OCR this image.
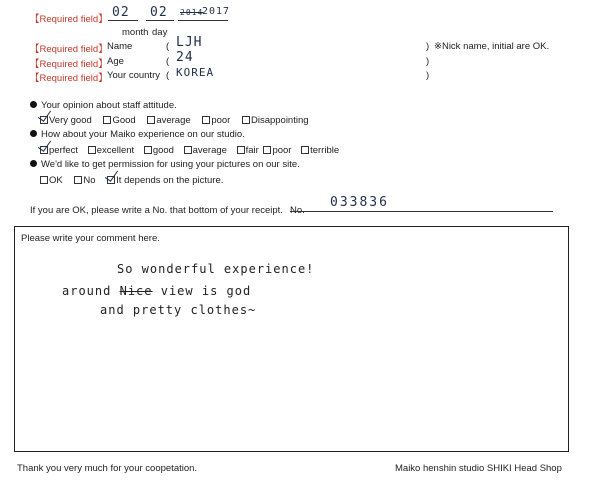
【Required field】 02 02 2014
2017
month day
【Required field】 Name	( LJH	) ※Nick name, initial are OK.
【Required field】 Age	( 24	)
【Required field】 Your country ( KOREA	)
Your opinion about staff attitude.
Very good Good average poor Disappointing
How about your Maiko experience on our studio.
perfect excellent good average fair poor terrible
We'd like to get permission for using your pictures on our site.
OK No It depends on the picture.
If you are OK, please write a No. that bottom of your receipt. No.
033836
Please write your comment here.
So wonderful experience!
around Nice view is god
and pretty clothes~
Thank you very much for your coopetation.	Maiko henshin studio SHIKI Head Shop
